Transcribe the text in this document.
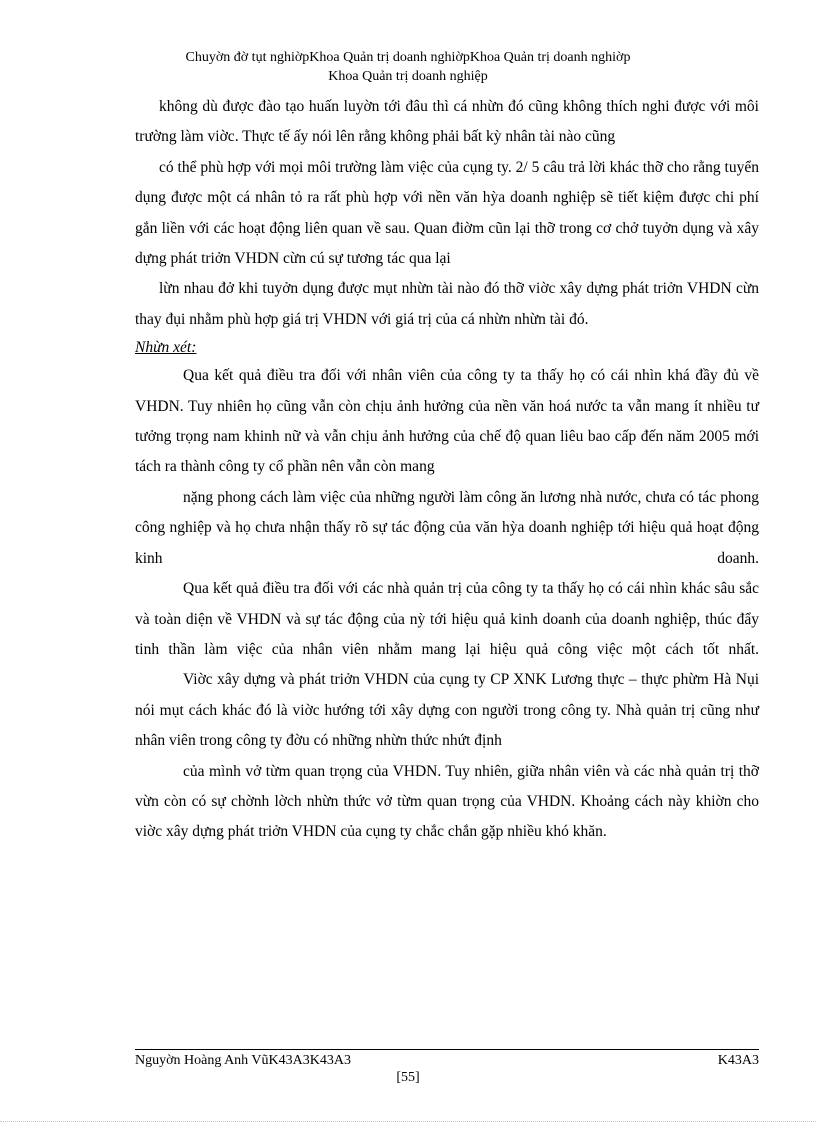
Chuyờn đờ tụt nghiờpKhoa Quản trị doanh nghiờpKhoa Quản trị doanh nghiờp
Khoa Quản trị doanh nghiệp

không dù được đào tạo huấn luyờn tới đâu thì cá nhừn đó cũng không thích nghi được với môi trường làm viờc. Thực tế ấy nói lên rằng không phải bất kỳ nhân tài nào cũng

có thể phù hợp với mọi môi trường làm việc của cụng ty. 2/ 5 câu trả lời khác thỡ cho rằng tuyển dụng được một cá nhân tỏ ra rất phù hợp với nền văn hỳa doanh nghiệp sẽ tiết kiệm được chi phí gắn liền với các hoạt động liên quan về sau. Quan điờm cũn lại thỡ trong cơ chở tuyởn dụng và xây dựng phát triởn VHDN cừn cú sự tương tác qua lại

lừn nhau đở khi tuyởn dụng được mụt nhừn tài nào đó thỡ viờc xây dựng phát triởn VHDN cừn thay đụi nhằm phù hợp giá trị VHDN với giá trị của cá nhừn nhừn tài đó.

Nhừn xét:

Qua kết quả điều tra đối với nhân viên của công ty ta thấy họ có cái nhìn khá đầy đủ về VHDN. Tuy nhiên họ cũng vẫn còn chịu ảnh hưởng của nền văn hoá nước ta vẫn mang ít nhiều tư tưởng trọng nam khinh nữ và vẫn chịu ảnh hưởng của chế độ quan liêu bao cấp đến năm 2005 mới tách ra thành công ty cổ phần nên vẫn còn mang

nặng phong cách làm việc của những người làm công ăn lương nhà nước, chưa có tác phong công nghiệp và họ chưa nhận thấy rõ sự tác động của văn hỳa doanh nghiệp tới hiệu quả hoạt động kinh doanh.

Qua kết quả điều tra đối với các nhà quản trị của công ty ta thấy họ có cái nhìn khác sâu sắc và toàn diện về VHDN và sự tác động của nỳ tới hiệu quả kinh doanh của doanh nghiệp, thúc đẩy tinh thần làm việc của nhân viên nhằm mang lại hiệu quả công việc một cách tốt nhất.

Viờc xây dựng và phát triởn VHDN của cụng ty CP XNK Lương thực – thực phừm Hà Nụi nói mụt cách khác đó là viờc hướng tới xây dựng con người trong công ty. Nhà quản trị cũng như nhân viên trong công ty đờu có những nhừn thức nhứt định

của mình vở từm quan trọng của VHDN. Tuy nhiên, giữa nhân viên và các nhà quản trị thỡ vừn còn có sự chờnh lờch nhừn thức vở từm quan trọng của VHDN. Khoảng cách này khiờn cho viờc xây dựng phát triởn VHDN của cụng ty chắc chắn gặp nhiều khó khăn.

Nguyờn Hoàng Anh VũK43A3K43A3	K43A3
[55]
